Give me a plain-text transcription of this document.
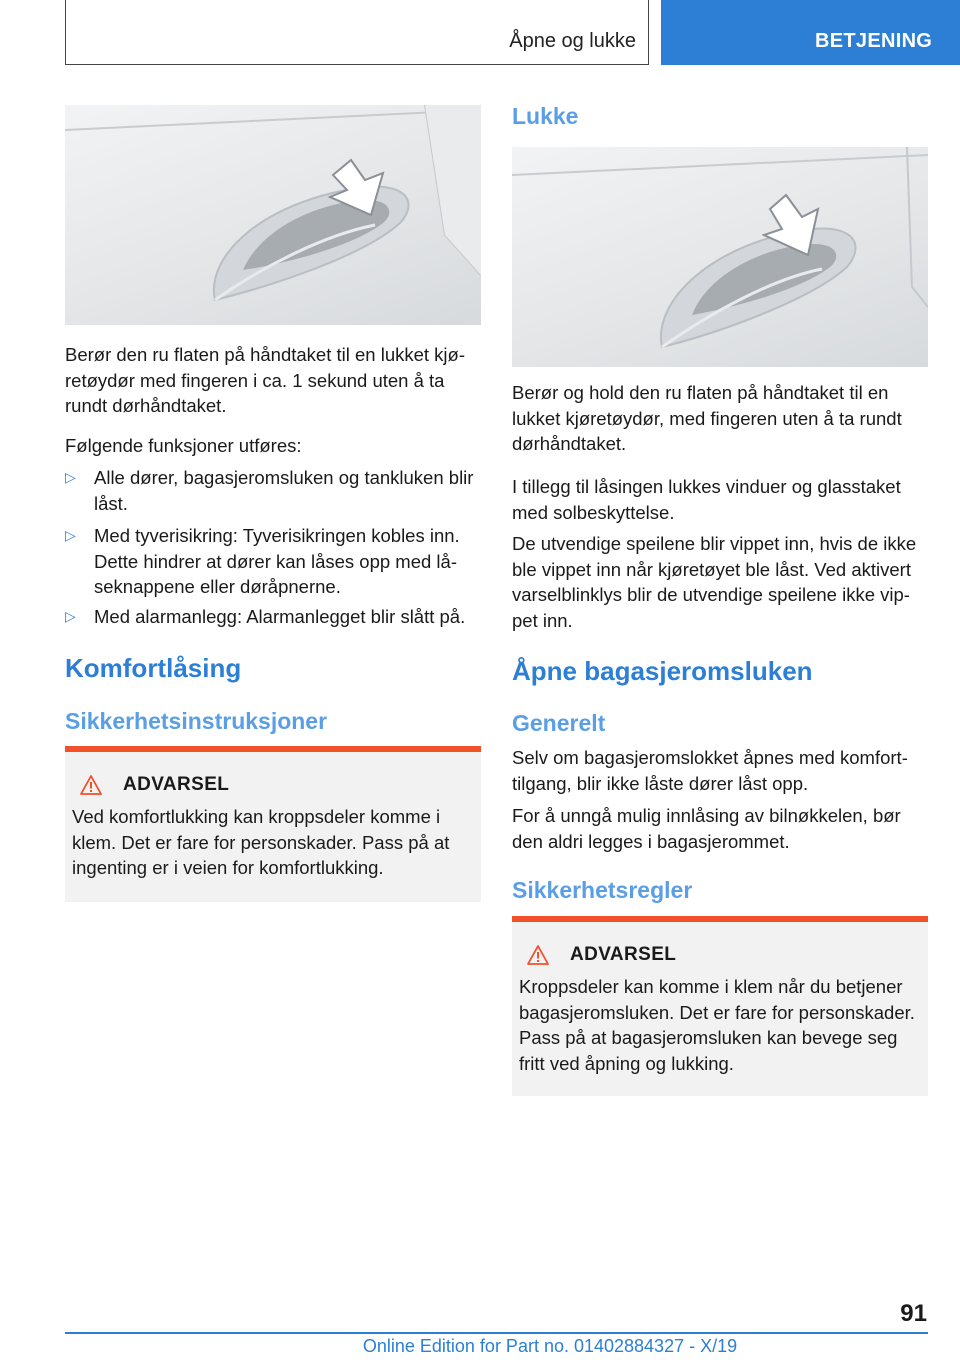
Åpne og lukke	BETJENING

Berør den ru flaten på håndtaket til en lukket kjøretøydør med fingeren i ca. 1 sekund uten å ta rundt dørhåndtaket.

Følgende funksjoner utføres:

▷ Alle dører, bagasjeromsluken og tankluken blir låst.
▷ Med tyverisikring: Tyverisikringen kobles inn. Dette hindrer at dører kan låses opp med låseknappene eller døråpnerne.
▷ Med alarmanlegg: Alarmanlegget blir slått på.
Komfortlåsing
Sikkerhetsinstruksjoner
ADVARSEL

Ved komfortlukking kan kroppsdeler komme i klem. Det er fare for personskader. Pass på at ingenting er i veien for komfortlukking.

Lukke

Berør og hold den ru flaten på håndtaket til en lukket kjøretøydør, med fingeren uten å ta rundt dørhåndtaket.

I tillegg til låsingen lukkes vinduer og glasstaket med solbeskyttelse.

De utvendige speilene blir vippet inn, hvis de ikke ble vippet inn når kjøretøyet ble låst. Ved aktivert varselblinklys blir de utvendige speilene ikke vippet inn.

Åpne bagasjeromsluken
Generelt

Selv om bagasjeromslokket åpnes med komforttilgang, blir ikke låste dører låst opp.

For å unngå mulig innlåsing av bilnøkkelen, bør den aldri legges i bagasjerommet.

Sikkerhetsregler
ADVARSEL

Kroppsdeler kan komme i klem når du betjener bagasjeromsluken. Det er fare for personskader. Pass på at bagasjeromsluken kan bevege seg fritt ved åpning og lukking.

91
Online Edition for Part no. 01402884327 - X/19
